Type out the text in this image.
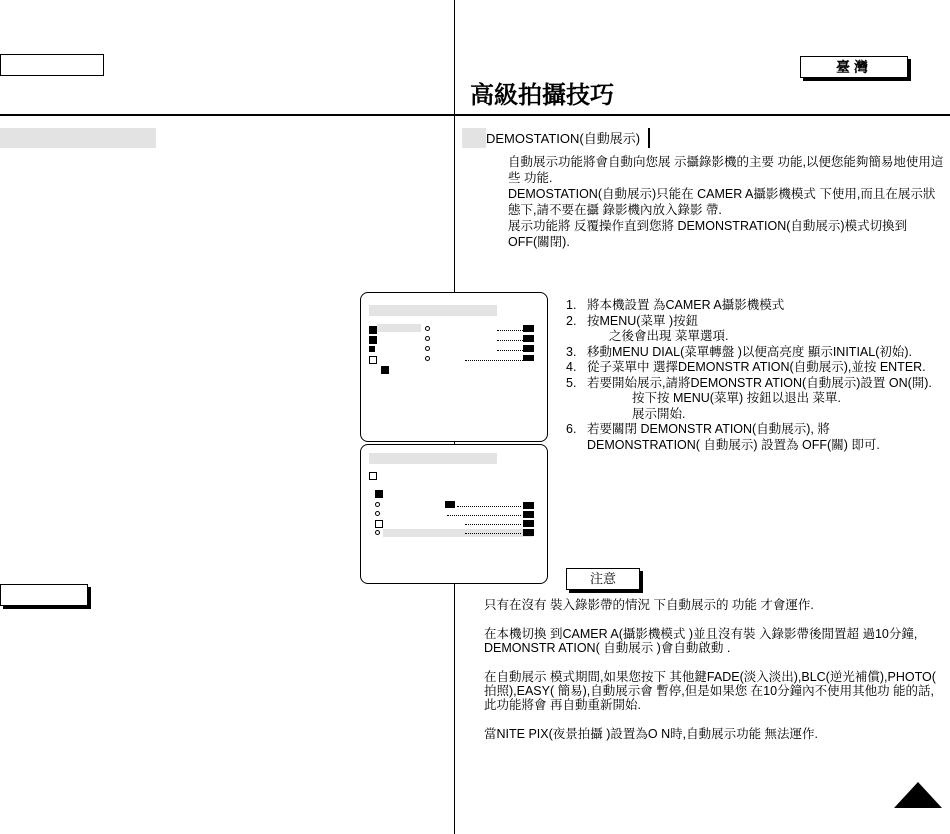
臺灣
高級拍攝技巧
DEMOSTATION(自動展示)

自動展示功能將會自動向您展 示攝錄影機的主要 功能,以便您能夠簡易地使用這些 功能.

DEMOSTATION(自動展示)只能在 CAMER A攝影機模式 下使用,而且在展示狀態下,請不要在攝 錄影機內放入錄影 帶.

展示功能將 反覆操作直到您將 DEMONSTRATION(自動展示)模式切換到OFF(關閉).

1. 將本機設置 為CAMER A攝影機模式
2. 按MENU(菜單 )按鈕
之後會出現 菜單選項.
3. 移動MENU DIAL(菜單轉盤 )以便高亮度 顯示INITIAL(初始).
4. 從子菜單中 選擇DEMONSTR ATION(自動展示),並按 ENTER.
5. 若要開始展示,請將DEMONSTR ATION(自動展示)設置 ON(開).
按下按 MENU(菜單) 按鈕以退出 菜單.
展示開始.
6. 若要關閉 DEMONSTR ATION(自動展示), 將 DEMONSTRATION( 自動展示) 設置為 OFF(關) 即可.
注意

只有在沒有 裝入錄影帶的情況 下自動展示的 功能 才會運作.

在本機切換 到CAMER A(攝影機模式 )並且沒有裝 入錄影帶後閒置超 過10分鐘, DEMONSTR ATION( 自動展示 )會自動啟動 .

在自動展示 模式期間,如果您按下 其他鍵FADE(淡入淡出),BLC(逆光補償),PHOTO( 拍照),EASY( 簡易),自動展示會 暫停,但是如果您 在10分鐘內不使用其他功 能的話,此功能將會 再自動重新開始.

當NITE PIX(夜景拍攝 )設置為O N時,自動展示功能 無法運作.
